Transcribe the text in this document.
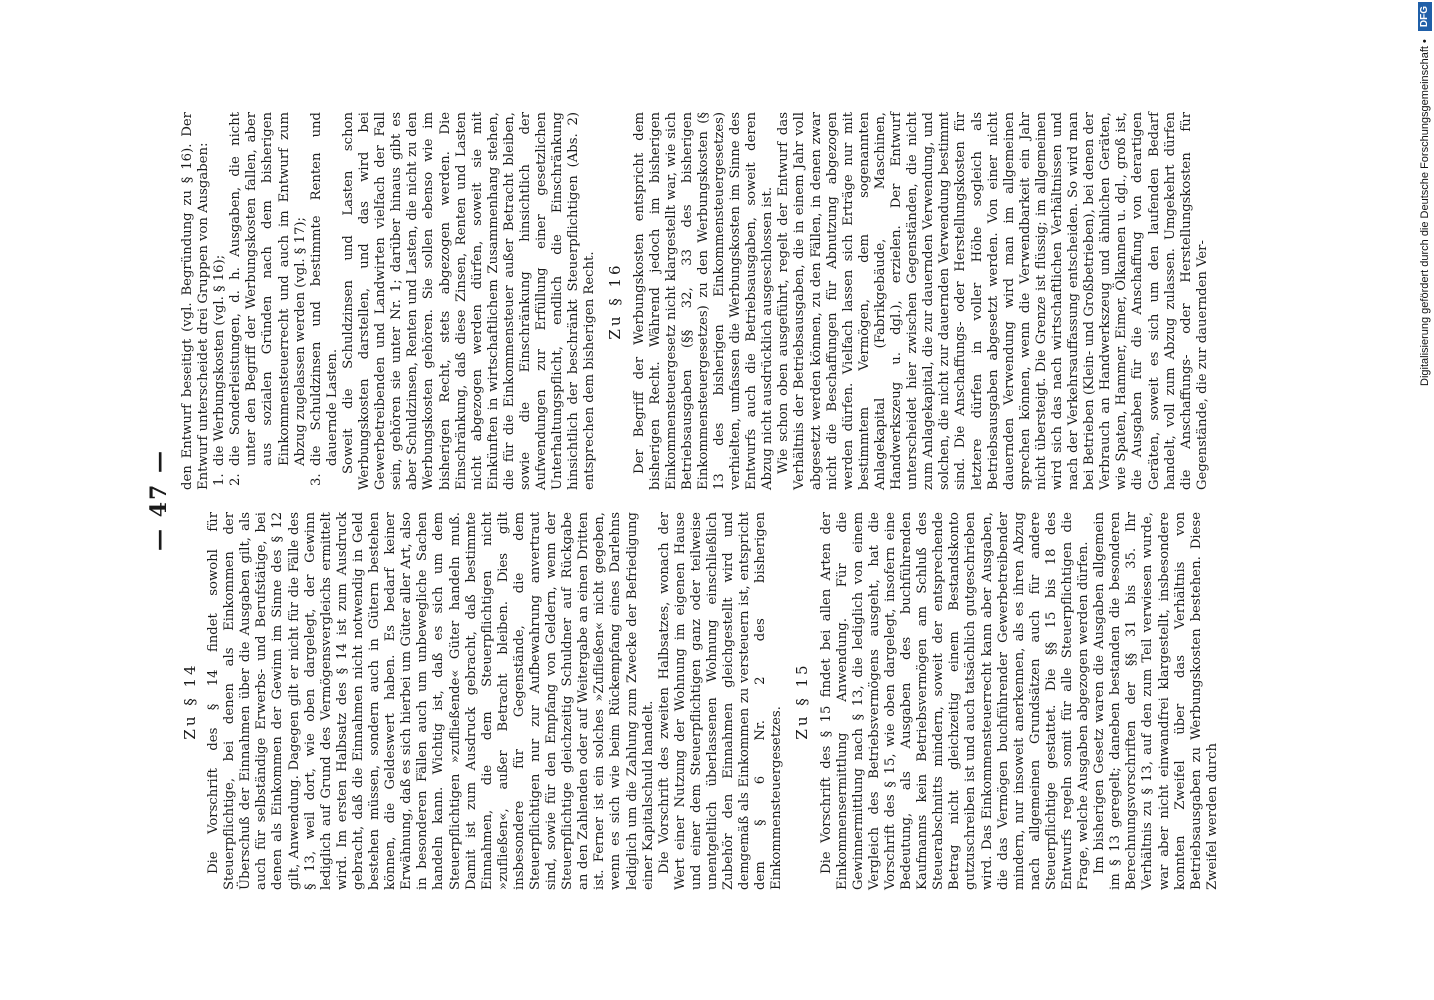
— 47 —
Zu § 14 Die Vorschrift des § 14 findet sowohl für Steuerpflichtige, bei denen als Einkommen der Überschuß der Einnahmen über die Ausgaben gilt, als auch für selbständige Erwerbs- und Berufstätige, bei denen als Einkommen der Gewinn im Sinne des § 12 gilt, Anwendung. Dagegen gilt er nicht für die Fälle des § 13, weil dort, wie oben dargelegt, der Gewinn lediglich auf Grund des Vermögensvergleichs ermittelt wird. Im ersten Halbsatz des § 14 ist zum Ausdruck gebracht, daß die Einnahmen nicht notwendig in Geld bestehen müssen, sondern auch in Gütern bestehen können, die Geldeswert haben. Es bedarf keiner Erwähnung, daß es sich hierbei um Güter aller Art, also in besonderen Fällen auch um unbewegliche Sachen handeln kann. Wichtig ist, daß es sich um dem Steuerpflichtigen »zufließende« Güter handeln muß. Damit ist zum Ausdruck gebracht, daß bestimmte Einnahmen, die dem Steuerpflichtigen nicht »zufließen«, außer Betracht bleiben. Dies gilt insbesondere für Gegenstände, die dem Steuerpflichtigen nur zur Aufbewahrung anvertraut sind, sowie für den Empfang von Geldern, wenn der Steuerpflichtige gleichzeitig Schuldner auf Rückgabe an den Zahlenden oder auf Weitergabe an einen Dritten ist. Ferner ist ein solches »Zufließen« nicht gegeben, wenn es sich wie beim Rückempfang eines Darlehns lediglich um die Zahlung zum Zwecke der Befriedigung einer Kapitalschuld handelt. Die Vorschrift des zweiten Halbsatzes, wonach der Wert einer Nutzung der Wohnung im eigenen Hause und einer dem Steuerpflichtigen ganz oder teilweise unentgeltlich überlassenen Wohnung einschließlich Zubehör den Einnahmen gleichgestellt wird und demgemäß als Einkommen zu versteuern ist, entspricht dem § 6 Nr. 2 des bisherigen Einkommensteuergesetzes.

Zu § 15 Die Vorschrift des § 15 findet bei allen Arten der Einkommensermittlung Anwendung. Für die Gewinnermittlung nach § 13, die lediglich von einem Vergleich des Betriebsvermögens ausgeht, hat die Vorschrift des § 15, wie oben dargelegt, insofern eine Bedeutung, als Ausgaben des buchführenden Kaufmanns kein Betriebsvermögen am Schluß des Steuerabschnitts mindern, soweit der entsprechende Betrag nicht gleichzeitig einem Bestandskonto gutzuschreiben ist und auch tatsächlich gutgeschrieben wird. Das Einkommensteuerrecht kann aber Ausgaben, die das Vermögen buchführender Gewerbetreibender mindern, nur insoweit anerkennen, als es ihren Abzug nach allgemeinen Grundsätzen auch für andere Steuerpflichtige gestattet. Die §§ 15 bis 18 des Entwurfs regeln somit für alle Steuerpflichtigen die Frage, welche Ausgaben abgezogen werden dürfen. Im bisherigen Gesetz waren die Ausgaben allgemein im § 13 geregelt; daneben bestanden die besonderen Berechnungsvorschriften der §§ 31 bis 35. Ihr Verhältnis zu § 13, auf den zum Teil verwiesen wurde, war aber nicht einwandfrei klargestellt, insbesondere konnten Zweifel über das Verhältnis von Betriebsausgaben zu Werbungskosten bestehen. Diese Zweifel werden durch

den Entwurf beseitigt (vgl. Begründung zu § 16). Der Entwurf unterscheidet drei Gruppen von Ausgaben: 1.
die Werbungskosten (vgl. § 16);
2.
die Sonderleistungen, d. h. Ausgaben, die nicht unter den Begriff der Werbungskosten fallen, aber aus sozialen Gründen nach dem bisherigen Einkommensteuerrecht und auch im Entwurf zum Abzug zugelassen werden (vgl. § 17);
3.
die Schuldzinsen und bestimmte Renten und dauernde Lasten. Soweit die Schuldzinsen und Lasten schon Werbungskosten darstellen, und das wird bei Gewerbetreibenden und Landwirten vielfach der Fall sein, gehören sie unter Nr. 1; darüber hinaus gibt es aber Schuldzinsen, Renten und Lasten, die nicht zu den Werbungskosten gehören. Sie sollen ebenso wie im bisherigen Recht, stets abgezogen werden. Die Einschränkung, daß diese Zinsen, Renten und Lasten nicht abgezogen werden dürfen, soweit sie mit Einkünften in wirtschaftlichem Zusammenhang stehen, die für die Einkommensteuer außer Betracht bleiben, sowie die Einschränkung hinsichtlich der Aufwendungen zur Erfüllung einer gesetzlichen Unterhaltungspflicht, endlich die Einschränkung hinsichtlich der beschränkt Steuerpflichtigen (Abs. 2) entsprechen dem bisherigen Recht. Zu § 16 Der Begriff der Werbungskosten entspricht dem bisherigen Recht. Während jedoch im bisherigen Einkommensteuergesetz nicht klargestellt war, wie sich Betriebsausgaben (§§ 32, 33 des bisherigen Einkommensteuergesetzes) zu den Werbungskosten (§ 13 des bisherigen Einkommensteuergesetzes) verhielten, umfassen die Werbungskosten im Sinne des Entwurfs auch die Betriebsausgaben, soweit deren Abzug nicht ausdrücklich ausgeschlossen ist. Wie schon oben ausgeführt, regelt der Entwurf das Verhältnis der Betriebsausgaben, die in einem Jahr voll abgesetzt werden können, zu den Fällen, in denen zwar nicht die Beschaffungen für Abnutzung abgezogen werden dürfen. Vielfach lassen sich Erträge nur mit bestimmtem Vermögen, dem sogenannten Anlagekapital (Fabrikgebäude, Maschinen, Handwerkszeug u. dgl.), erzielen. Der Entwurf unterscheidet hier zwischen Gegenständen, die nicht zum Anlagekapital, die zur dauernden Verwendung, und solchen, die nicht zur dauernden Verwendung bestimmt sind. Die Anschaffungs- oder Herstellungskosten für letztere dürfen in voller Höhe sogleich als Betriebsausgaben abgesetzt werden. Von einer nicht dauernden Verwendung wird man im allgemeinen sprechen können, wenn die Verwendbarkeit ein Jahr nicht übersteigt. Die Grenze ist flüssig; im allgemeinen wird sich das nach wirtschaftlichen Verhältnissen und nach der Verkehrsauffassung entscheiden. So wird man bei Betrieben (Klein- und Großbetrieben), bei denen der Verbrauch an Handwerkszeug und ähnlichen Geräten, wie Spaten, Hammer, Eimer, Ölkannen u. dgl., groß ist, die Ausgaben für die Anschaffung von derartigen Geräten, soweit es sich um den laufenden Bedarf handelt, voll zum Abzug zulassen. Umgekehrt dürfen die Anschaffungs- oder Herstellungskosten für Gegenstände, die zur dauernden Ver-	Digitalisierung gefördert durch die Deutsche Forschungsgemeinschaft •
DFG
